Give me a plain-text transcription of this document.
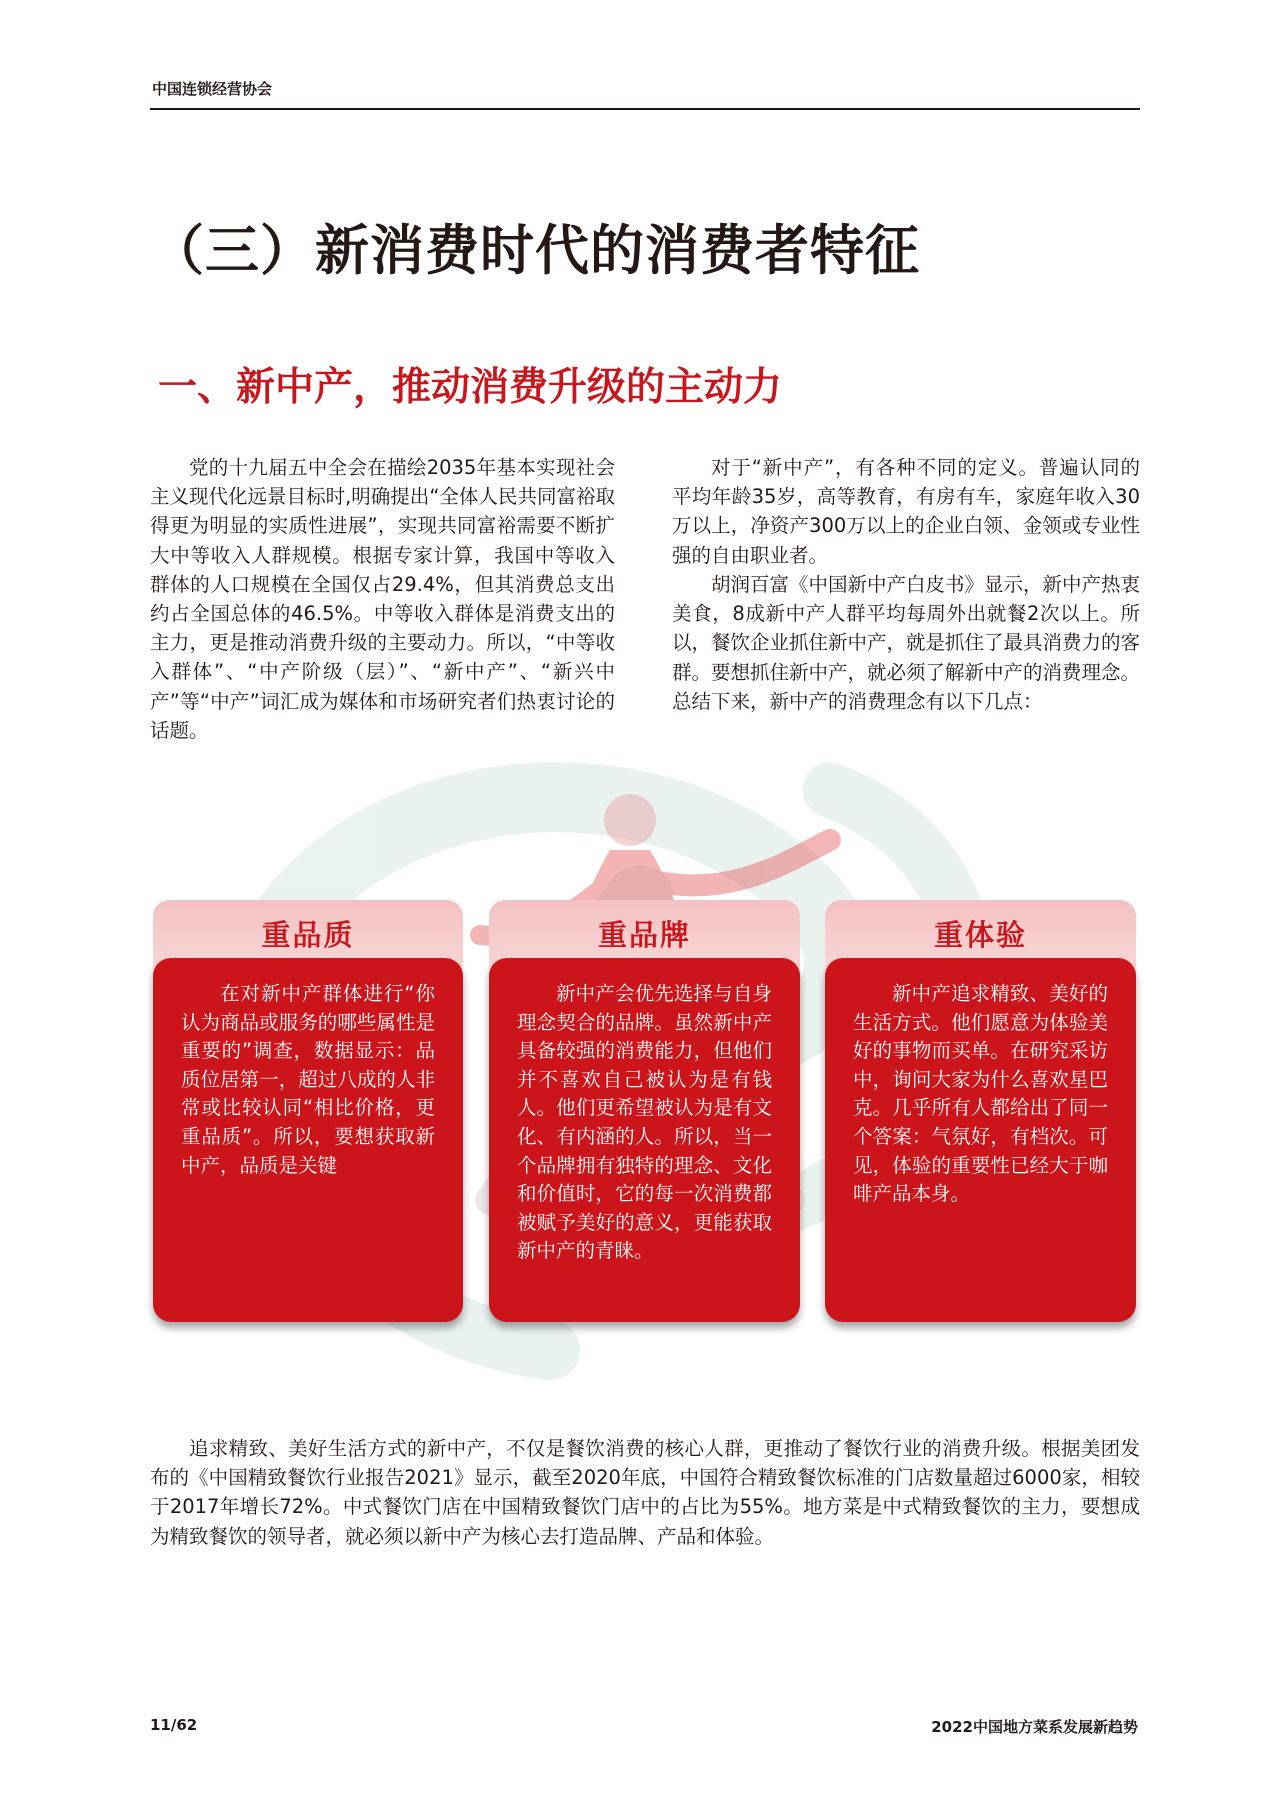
中国连锁经营协会
（三）新消费时代的消费者特征
一、新中产，推动消费升级的主动力

党的十九届五中全会在描绘2035年基本实现社会主义现代化远景目标时,明确提出“全体人民共同富裕取得更为明显的实质性进展”，实现共同富裕需要不断扩大中等收入人群规模。根据专家计算，我国中等收入群体的人口规模在全国仅占29.4%，但其消费总支出约占全国总体的46.5%。中等收入群体是消费支出的主力，更是推动消费升级的主要动力。所以，“中等收入群体”、“中产阶级（层）”、“新中产”、“新兴中产”等“中产”词汇成为媒体和市场研究者们热衷讨论的话题。

对于“新中产”，有各种不同的定义。普遍认同的平均年龄35岁，高等教育，有房有车，家庭年收入30万以上，净资产300万以上的企业白领、金领或专业性强的自由职业者。

胡润百富《中国新中产白皮书》显示，新中产热衷美食，8成新中产人群平均每周外出就餐2次以上。所以，餐饮企业抓住新中产，就是抓住了最具消费力的客群。要想抓住新中产，就必须了解新中产的消费理念。总结下来，新中产的消费理念有以下几点：

重品质

在对新中产群体进行“你认为商品或服务的哪些属性是重要的”调查，数据显示：品质位居第一，超过八成的人非常或比较认同“相比价格，更重品质”。所以，要想获取新中产，品质是关键

重品牌

新中产会优先选择与自身理念契合的品牌。虽然新中产具备较强的消费能力，但他们并不喜欢自己被认为是有钱人。他们更希望被认为是有文化、有内涵的人。所以，当一个品牌拥有独特的理念、文化和价值时，它的每一次消费都被赋予美好的意义，更能获取新中产的青睐。

重体验

新中产追求精致、美好的生活方式。他们愿意为体验美好的事物而买单。在研究采访中，询问大家为什么喜欢星巴克。几乎所有人都给出了同一个答案：气氛好，有档次。可见，体验的重要性已经大于咖啡产品本身。

追求精致、美好生活方式的新中产，不仅是餐饮消费的核心人群，更推动了餐饮行业的消费升级。根据美团发布的《中国精致餐饮行业报告2021》显示，截至2020年底，中国符合精致餐饮标准的门店数量超过6000家，相较于2017年增长72%。中式餐饮门店在中国精致餐饮门店中的占比为55%。地方菜是中式精致餐饮的主力，要想成为精致餐饮的领导者，就必须以新中产为核心去打造品牌、产品和体验。

11/62	2022中国地方菜系发展新趋势
